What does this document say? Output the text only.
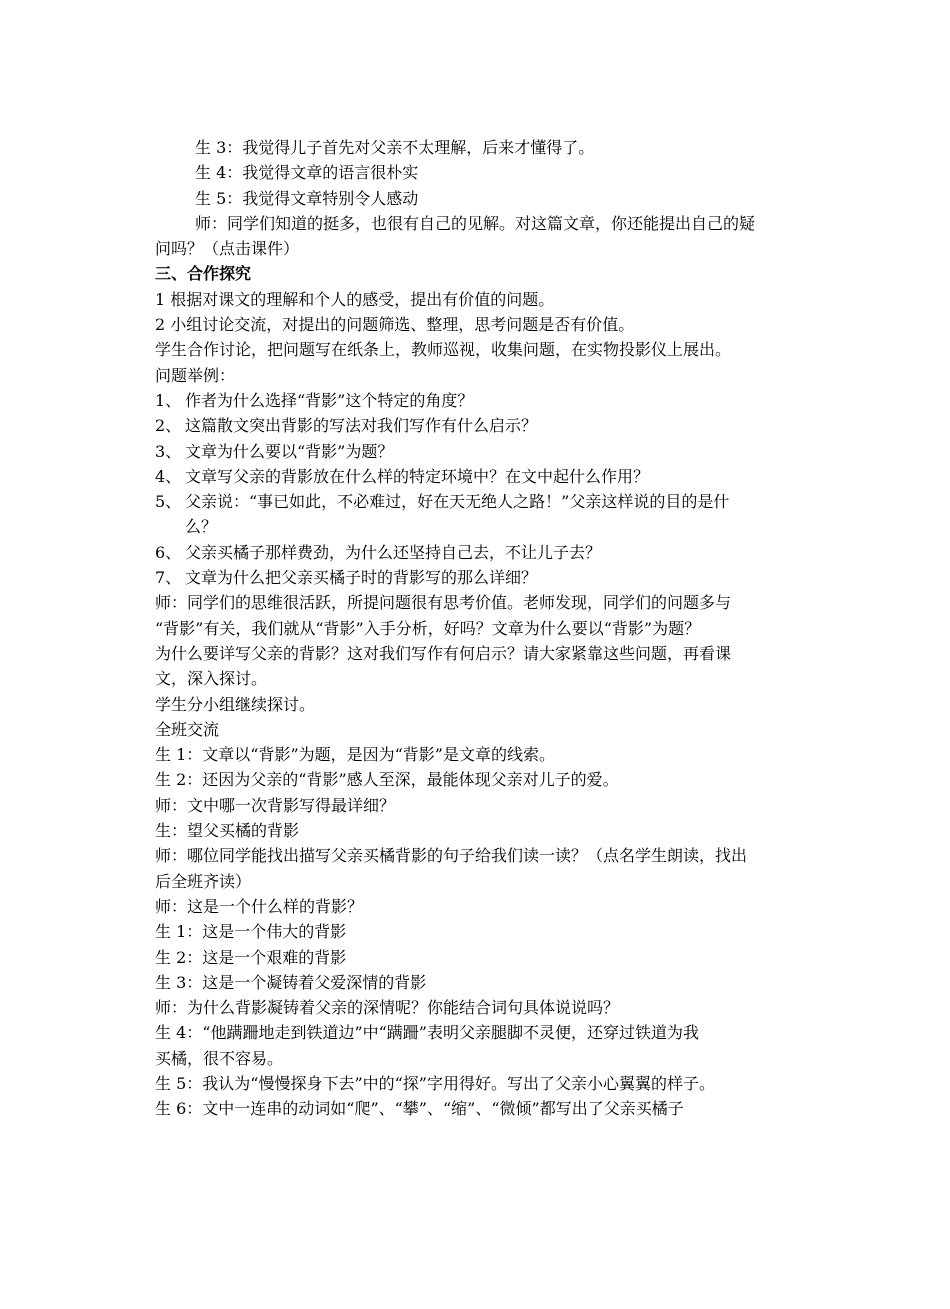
生 3：我觉得儿子首先对父亲不太理解，后来才懂得了。
生 4：我觉得文章的语言很朴实
生 5：我觉得文章特别令人感动
师：同学们知道的挺多，也很有自己的见解。对这篇文章，你还能提出自己的疑
问吗？（点击课件）
三、合作探究
1 根据对课文的理解和个人的感受，提出有价值的问题。
2 小组讨论交流，对提出的问题筛选、整理，思考问题是否有价值。
学生合作讨论，把问题写在纸条上，教师巡视，收集问题，在实物投影仪上展出。
问题举例：
1、 作者为什么选择“背影”这个特定的角度？
2、 这篇散文突出背影的写法对我们写作有什么启示？
3、 文章为什么要以“背影”为题？
4、 文章写父亲的背影放在什么样的特定环境中？在文中起什么作用？
5、 父亲说：“事已如此，不必难过，好在天无绝人之路！”父亲这样说的目的是什
么？
6、 父亲买橘子那样费劲，为什么还坚持自己去，不让儿子去？
7、 文章为什么把父亲买橘子时的背影写的那么详细？
师：同学们的思维很活跃，所提问题很有思考价值。老师发现，同学们的问题多与
“背影”有关，我们就从“背影”入手分析，好吗？文章为什么要以“背影”为题？
为什么要详写父亲的背影？这对我们写作有何启示？请大家紧靠这些问题，再看课
文，深入探讨。
学生分小组继续探讨。
全班交流
生 1：文章以“背影”为题，是因为“背影”是文章的线索。
生 2：还因为父亲的“背影”感人至深，最能体现父亲对儿子的爱。
师：文中哪一次背影写得最详细？
生：望父买橘的背影
师：哪位同学能找出描写父亲买橘背影的句子给我们读一读？（点名学生朗读，找出
后全班齐读）
师：这是一个什么样的背影？
生 1：这是一个伟大的背影
生 2：这是一个艰难的背影
生 3：这是一个凝铸着父爱深情的背影
师：为什么背影凝铸着父亲的深情呢？你能结合词句具体说说吗？
生 4：“他蹒跚地走到铁道边”中“蹒跚”表明父亲腿脚不灵便，还穿过铁道为我
买橘，很不容易。
生 5：我认为“慢慢探身下去”中的“探”字用得好。写出了父亲小心翼翼的样子。
生 6：文中一连串的动词如“爬”、“攀”、“缩”、“微倾”都写出了父亲买橘子
